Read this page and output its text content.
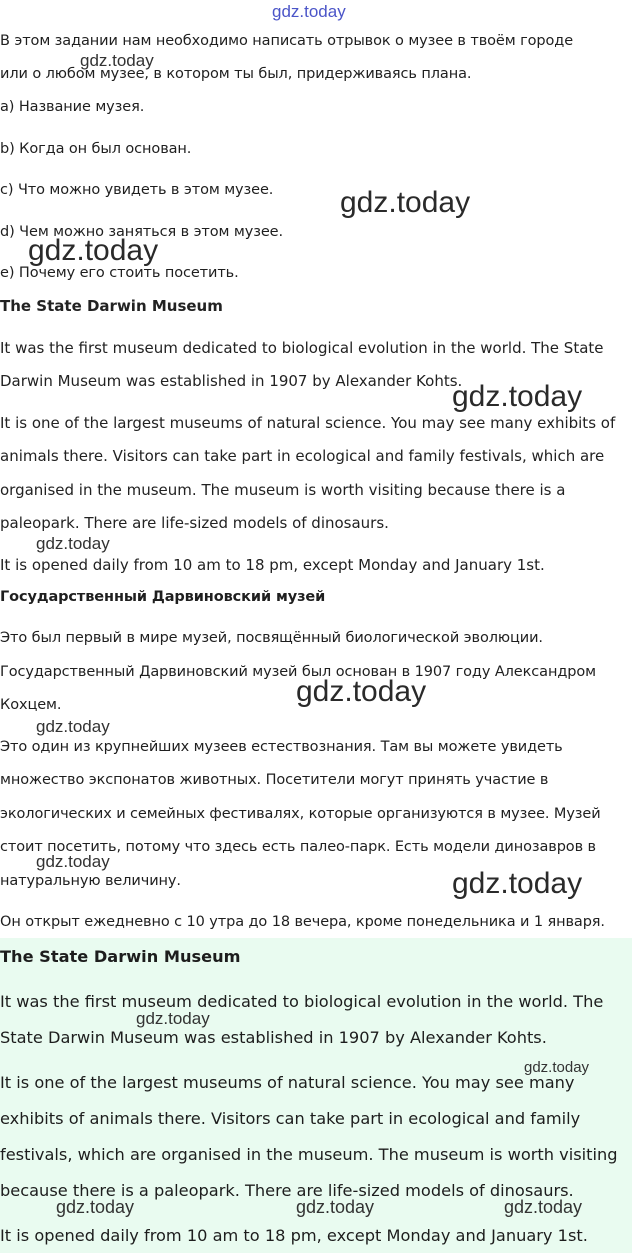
gdz.today

В этом задании нам необходимо написать отрывок о музее в твоём городе

или о любом музее, в котором ты был, придерживаясь плана.

a) Название музея.

b) Когда он был основан.

c) Что можно увидеть в этом музее.

d) Чем можно заняться в этом музее.

e) Почему его стоить посетить.

The State Darwin Museum

It was the first museum dedicated to biological evolution in the world. The State

Darwin Museum was established in 1907 by Alexander Kohts.

It is one of the largest museums of natural science. You may see many exhibits of

animals there. Visitors can take part in ecological and family festivals, which are

organised in the museum. The museum is worth visiting because there is a

paleopark. There are life-sized models of dinosaurs.

It is opened daily from 10 am to 18 pm, except Monday and January 1st.

Государственный Дарвиновский музей

Это был первый в мире музей, посвящённый биологической эволюции.

Государственный Дарвиновский музей был основан в 1907 году Александром

Кохцем.

Это один из крупнейших музеев естествознания. Там вы можете увидеть

множество экспонатов животных. Посетители могут принять участие в

экологических и семейных фестивалях, которые организуются в музее. Музей

стоит посетить, потому что здесь есть палео-парк. Есть модели динозавров в

натуральную величину.

Он открыт ежедневно с 10 утра до 18 вечера, кроме понедельника и 1 января.

The State Darwin Museum

It was the first museum dedicated to biological evolution in the world. The

State Darwin Museum was established in 1907 by Alexander Kohts.

It is one of the largest museums of natural science. You may see many

exhibits of animals there. Visitors can take part in ecological and family

festivals, which are organised in the museum. The museum is worth visiting

because there is a paleopark. There are life-sized models of dinosaurs.

It is opened daily from 10 am to 18 pm, except Monday and January 1st.

gdz.today
gdz.today
gdz.today
gdz.today
gdz.today
gdz.today
gdz.today
gdz.today
gdz.today
gdz.today
gdz.today
gdz.today	gdz.today	gdz.today
